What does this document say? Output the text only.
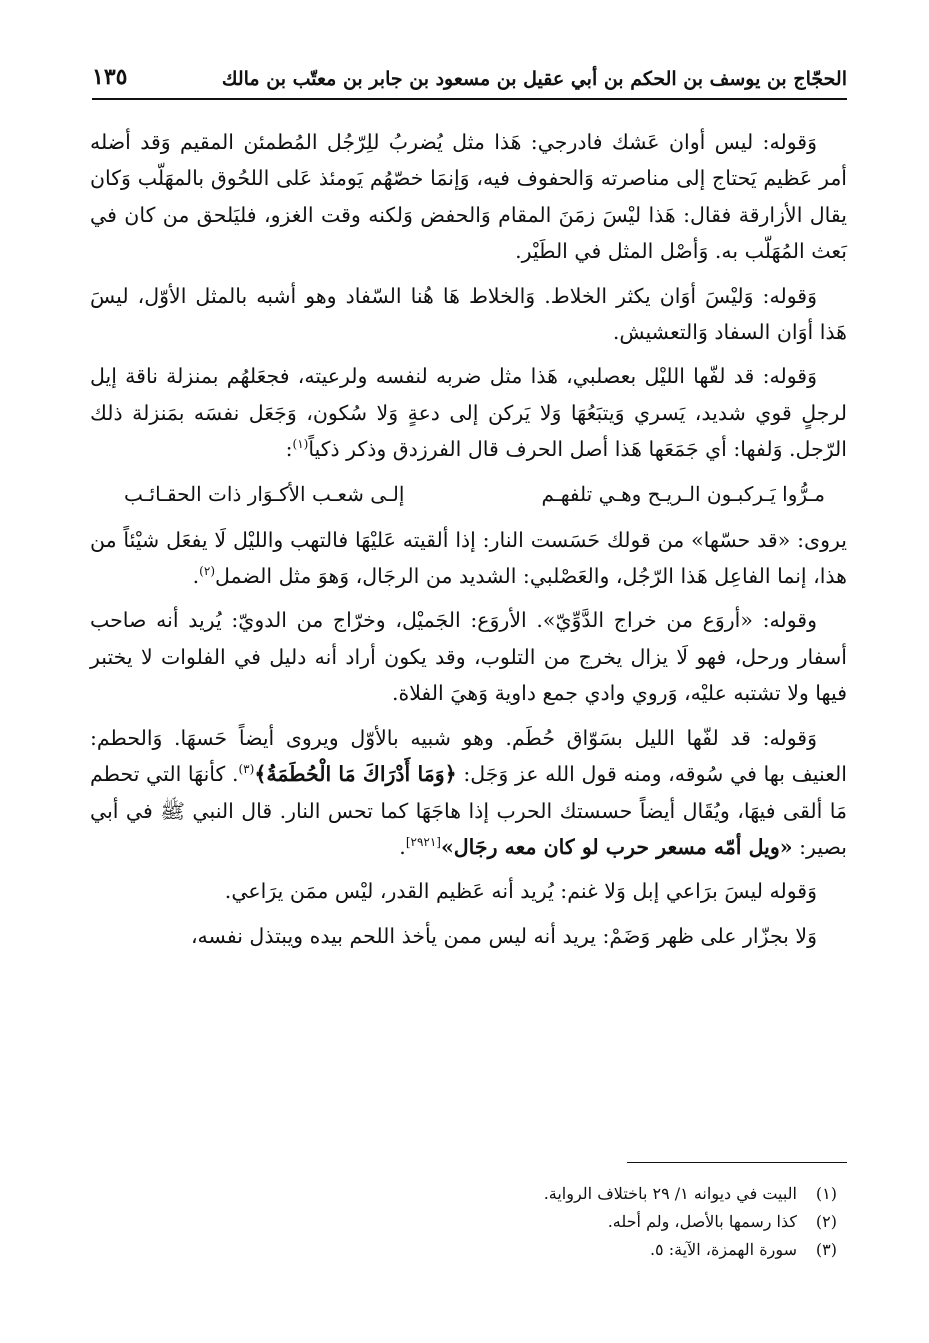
الحجّاج بن يوسف بن الحكم بن أبي عقيل بن مسعود بن جابر بن معتّب بن مالك
١٣٥

وَقوله: ليس أوان عَشك فادرجي: هَذا مثل يُضربُ للِرّجُل المُطمئن المقيم وَقد أضله أمر عَظيم يَحتاج إلى مناصرته وَالحفوف فيه، وَإنمَا خصّهُم يَومئذ عَلى اللحُوق بالمهَلّب وَكان يقال الأزارقة فقال: هَذا ليْسَ زمَنَ المقام وَالحفض وَلكنه وقت الغزو، فليَلحق من كان في بَعث المُهَلّب به. وَأصْل المثل في الطَيْر.

وَقوله: وَليْسَ أوَان يكثر الخلاط. وَالخلاط هَا هُنا السّفاد وهو أشبه بالمثل الأوّل، ليسَ هَذا أوَان السفاد وَالتعشيش.

وَقوله: قد لفّها الليْل بعصلبي، هَذا مثل ضربه لنفسه ولرعيته، فجعَلهُم بمنزلة ناقة إيل لرجلٍ قوي شديد، يَسري وَيتبَعُهَا وَلا يَركن إلى دعةٍ وَلا سُكون، وَجَعَل نفسَه بمَنزلة ذلك الرّجل. وَلفها: أي جَمَعَها هَذا أصل الحرف قال الفرزدق وذكر ذكياً$^{(١)}$:

مـرُّوا يَـركبـون الـريـح وهـي تلفهـم
إلـى شعـب الأكـوَار ذات الحقـائـب

يروى: «قد حسّها» من قولك حَسَست النار: إذا ألقيته عَليْهَا فالتهب والليْل لَا يفعَل شيْئاً من هذا، إنما الفاعِل هَذا الرّجُل، والعَصْلبي: الشديد من الرجَال، وَهوَ مثل الضمل$^{(٢)}$.

وقوله: «أروَع من خراج الدَّوِّيّ». الأروَع: الجَميْل، وخرّاج من الدويّ: يُريد أنه صاحب أسفار ورحل، فهو لَا يزال يخرج من التلوب، وقد يكون أراد أنه دليل في الفلوات لا يختبر فيها ولا تشتبه عليْه، وَروي وادي جمع داوية وَهيَ الفلاة.

وَقوله: قد لفّها الليل بسَوّاق حُطَم. وهو شبيه بالأوّل ويروى أيضاً حَسهَا. وَالحطم: العنيف بها في سُوقه، ومنه قول الله عز وَجَل: ﴿وَمَا أَدْرَاكَ مَا الْحُطَمَةُ﴾$^{(٣)}$. كأنهَا التي تحطم مَا ألقى فيهَا، ويُقَال أيضاً حسستك الحرب إذا هاجَهَا كما تحس النار. قال النبي ﷺ في أبي بصير: «ويل أمّه مسعر حرب لو كان معه رجَال»[٢٩٢١].

وَقوله ليسَ برَاعي إبل وَلا غنم: يُريد أنه عَظيم القدر، ليْس ممَن يرَاعي.

وَلا بجزّار على ظهر وَضَمْ: يريد أنه ليس ممن يأخذ اللحم بيده ويبتذل نفسه،

(١)
البيت في ديوانه ١/ ٢٩ باختلاف الرواية.
(٢)
كذا رسمها بالأصل، ولم أحله.
(٣)
سورة الهمزة، الآية: ٥.
